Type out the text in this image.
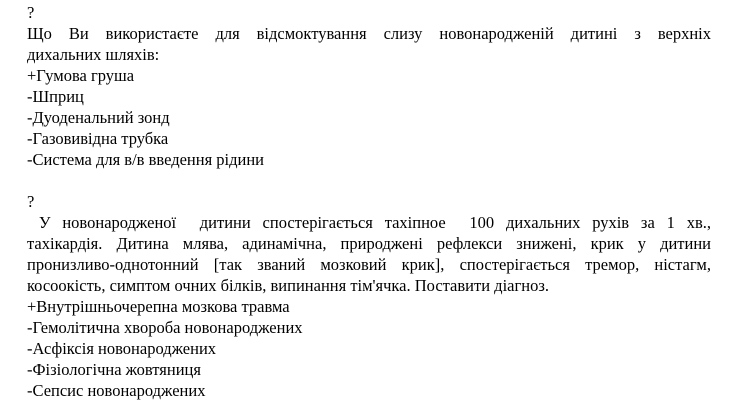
?
Що Ви використаєте для відсмоктування слизу новонародженій дитині з верхніх
дихальних шляхів:
+Гумова груша
-Шприц
-Дуоденальний зонд
-Газовивідна трубка
-Система для в/в введення рідини
?
У новонародженої  дитини спостерігається тахіпное  100 дихальних рухів за 1 хв.,
тахікардія. Дитина млява, адинамічна, природжені рефлекси знижені, крик у дитини
пронизливо-однотонний [так званий мозковий крик], спостерігається тремор, ністагм,
косоокість, симптом очних білків, випинання тім'ячка. Поставити діагноз.
+Внутрішньочерепна мозкова травма
-Гемолітична хвороба новонароджених
-Асфіксія новонароджених
-Фізіологічна жовтяниця
-Сепсис новонароджених
